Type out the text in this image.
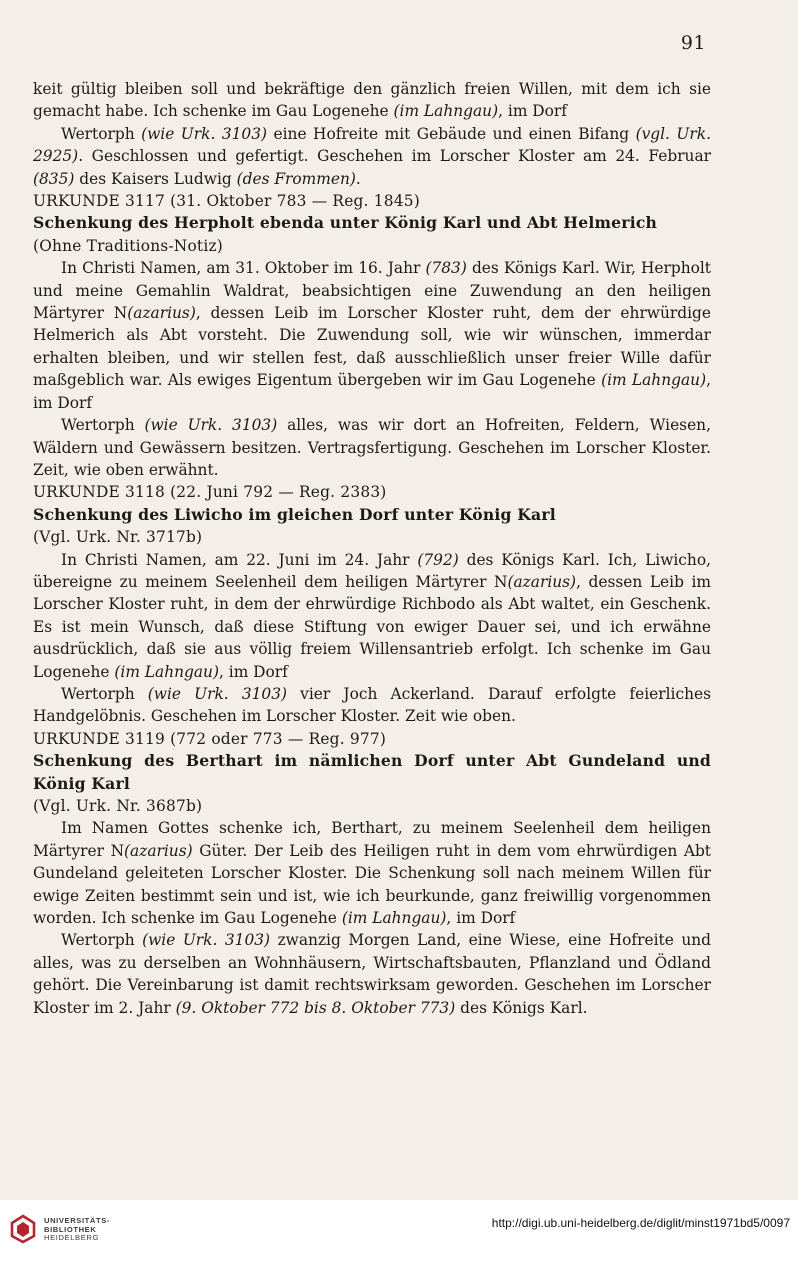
91

keit gültig bleiben soll und bekräftige den gänzlich freien Willen, mit dem ich sie gemacht habe. Ich schenke im Gau Logenehe (im Lahngau), im Dorf

Wertorph (wie Urk. 3103) eine Hofreite mit Gebäude und einen Bifang (vgl. Urk. 2925). Geschlossen und gefertigt. Geschehen im Lorscher Kloster am 24. Februar (835) des Kaisers Ludwig (des Frommen).

URKUNDE 3117 (31. Oktober 783 — Reg. 1845)

Schenkung des Herpholt ebenda unter König Karl und Abt Helmerich

(Ohne Traditions-Notiz)

In Christi Namen, am 31. Oktober im 16. Jahr (783) des Königs Karl. Wir, Herpholt und meine Gemahlin Waldrat, beabsichtigen eine Zuwendung an den heiligen Märtyrer N(azarius), dessen Leib im Lorscher Kloster ruht, dem der ehrwürdige Helmerich als Abt vorsteht. Die Zuwendung soll, wie wir wünschen, immerdar erhalten bleiben, und wir stellen fest, daß ausschließlich unser freier Wille dafür maßgeblich war. Als ewiges Eigentum übergeben wir im Gau Logenehe (im Lahngau), im Dorf

Wertorph (wie Urk. 3103) alles, was wir dort an Hofreiten, Feldern, Wiesen, Wäldern und Gewässern besitzen. Vertragsfertigung. Geschehen im Lorscher Kloster. Zeit, wie oben erwähnt.

URKUNDE 3118 (22. Juni 792 — Reg. 2383)

Schenkung des Liwicho im gleichen Dorf unter König Karl

(Vgl. Urk. Nr. 3717b)

In Christi Namen, am 22. Juni im 24. Jahr (792) des Königs Karl. Ich, Liwicho, übereigne zu meinem Seelenheil dem heiligen Märtyrer N(azarius), dessen Leib im Lorscher Kloster ruht, in dem der ehrwürdige Richbodo als Abt waltet, ein Geschenk. Es ist mein Wunsch, daß diese Stiftung von ewiger Dauer sei, und ich erwähne ausdrücklich, daß sie aus völlig freiem Willensantrieb erfolgt. Ich schenke im Gau Logenehe (im Lahngau), im Dorf

Wertorph (wie Urk. 3103) vier Joch Ackerland. Darauf erfolgte feierliches Handgelöbnis. Geschehen im Lorscher Kloster. Zeit wie oben.

URKUNDE 3119 (772 oder 773 — Reg. 977)

Schenkung des Berthart im nämlichen Dorf unter Abt Gundeland und König Karl

(Vgl. Urk. Nr. 3687b)

Im Namen Gottes schenke ich, Berthart, zu meinem Seelenheil dem heiligen Märtyrer N(azarius) Güter. Der Leib des Heiligen ruht in dem vom ehrwürdigen Abt Gundeland geleiteten Lorscher Kloster. Die Schenkung soll nach meinem Willen für ewige Zeiten bestimmt sein und ist, wie ich beurkunde, ganz freiwillig vorgenommen worden. Ich schenke im Gau Logenehe (im Lahngau), im Dorf

Wertorph (wie Urk. 3103) zwanzig Morgen Land, eine Wiese, eine Hofreite und alles, was zu derselben an Wohnhäusern, Wirtschaftsbauten, Pflanzland und Ödland gehört. Die Vereinbarung ist damit rechtswirksam geworden. Geschehen im Lorscher Kloster im 2. Jahr (9. Oktober 772 bis 8. Oktober 773) des Königs Karl.

UNIVERSITÄTS-
BIBLIOTHEK
HEIDELBERG
http://digi.ub.uni-heidelberg.de/diglit/minst1971bd5/0097
